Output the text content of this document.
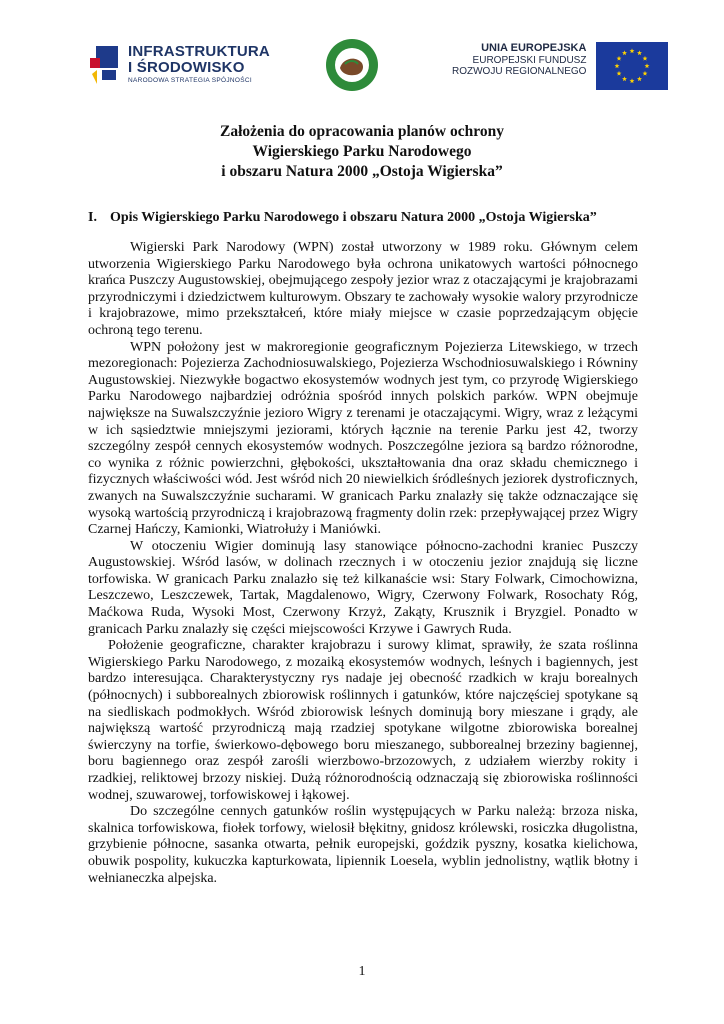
INFRASTRUKTURA
I ŚRODOWISKO
NARODOWA STRATEGIA SPÓJNOŚCI
UNIA EUROPEJSKA
EUROPEJSKI FUNDUSZ
ROZWOJU REGIONALNEGO
Założenia do opracowania planów ochrony
Wigierskiego Parku Narodowego
i obszaru Natura 2000 „Ostoja Wigierska”
I. Opis Wigierskiego Parku Narodowego i obszaru Natura 2000 „Ostoja Wigierska”

Wigierski Park Narodowy (WPN) został utworzony w 1989 roku. Głównym celem utworzenia Wigierskiego Parku Narodowego była ochrona unikatowych wartości północnego krańca Puszczy Augustowskiej, obejmującego zespoły jezior wraz z otaczającymi je krajobrazami przyrodniczymi i dziedzictwem kulturowym. Obszary te zachowały wysokie walory przyrodnicze i krajobrazowe, mimo przekształceń, które miały miejsce w czasie poprzedzającym objęcie ochroną tego terenu.

WPN położony jest w makroregionie geograficznym Pojezierza Litewskiego, w trzech mezoregionach: Pojezierza Zachodniosuwalskiego, Pojezierza Wschodniosuwalskiego i Równiny Augustowskiej. Niezwykłe bogactwo ekosystemów wodnych jest tym, co przyrodę Wigierskiego Parku Narodowego najbardziej odróżnia spośród innych polskich parków. WPN obejmuje największe na Suwalszczyźnie jezioro Wigry z terenami je otaczającymi. Wigry, wraz z leżącymi w ich sąsiedztwie mniejszymi jeziorami, których łącznie na terenie Parku jest 42, tworzy szczególny zespół cennych ekosystemów wodnych. Poszczególne jeziora są bardzo różnorodne, co wynika z różnic powierzchni, głębokości, ukształtowania dna oraz składu chemicznego i fizycznych właściwości wód. Jest wśród nich 20 niewielkich śródleśnych jeziorek dystroficznych, zwanych na Suwalszczyźnie sucharami. W granicach Parku znalazły się także odznaczające się wysoką wartością przyrodniczą i krajobrazową fragmenty dolin rzek: przepływającej przez Wigry Czarnej Hańczy, Kamionki, Wiatrołuży i Maniówki.

W otoczeniu Wigier dominują lasy stanowiące północno-zachodni kraniec Puszczy Augustowskiej. Wśród lasów, w dolinach rzecznych i w otoczeniu jezior znajdują się liczne torfowiska. W granicach Parku znalazło się też kilkanaście wsi: Stary Folwark, Cimochowizna, Leszczewo, Leszczewek, Tartak, Magdalenowo, Wigry, Czerwony Folwark, Rosochaty Róg, Maćkowa Ruda, Wysoki Most, Czerwony Krzyż, Zakąty, Krusznik i Bryzgiel. Ponadto w granicach Parku znalazły się części miejscowości Krzywe i Gawrych Ruda.

Położenie geograficzne, charakter krajobrazu i surowy klimat, sprawiły, że szata roślinna Wigierskiego Parku Narodowego, z mozaiką ekosystemów wodnych, leśnych i bagiennych, jest bardzo interesująca. Charakterystyczny rys nadaje jej obecność rzadkich w kraju borealnych (północnych) i subborealnych zbiorowisk roślinnych i gatunków, które najczęściej spotykane są na siedliskach podmokłych. Wśród zbiorowisk leśnych dominują bory mieszane i grądy, ale największą wartość przyrodniczą mają rzadziej spotykane wilgotne zbiorowiska borealnej świerczyny na torfie, świerkowo-dębowego boru mieszanego, subborealnej brzeziny bagiennej, boru bagiennego oraz zespół zarośli wierzbowo-brzozowych, z udziałem wierzby rokity i rzadkiej, reliktowej brzozy niskiej. Dużą różnorodnością odznaczają się zbiorowiska roślinności wodnej, szuwarowej, torfowiskowej i łąkowej.

Do szczególne cennych gatunków roślin występujących w Parku należą: brzoza niska, skalnica torfowiskowa, fiołek torfowy, wielosił błękitny, gnidosz królewski, rosiczka długolistna, grzybienie północne, sasanka otwarta, pełnik europejski, goździk pyszny, kosatka kielichowa, obuwik pospolity, kukuczka kapturkowata, lipiennik Loesela, wyblin jednolistny, wątlik błotny i wełnianeczka alpejska.

1
